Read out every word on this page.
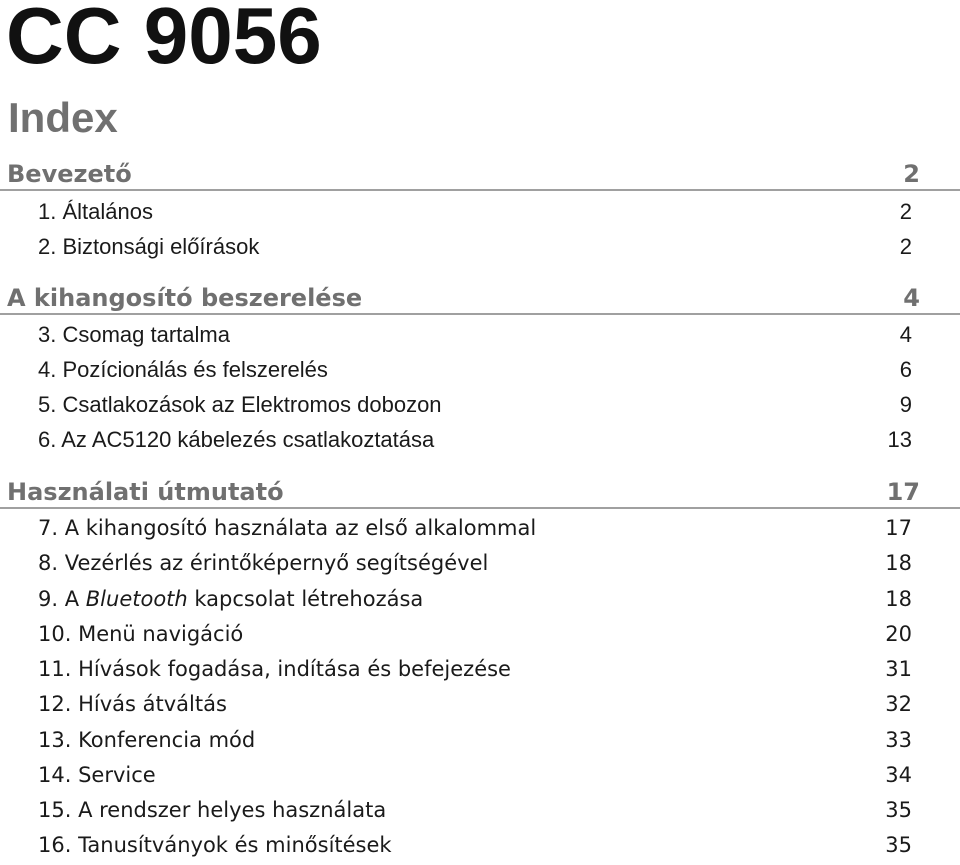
CC 9056
Index
Bevezető	2
1. Általános	2
2. Biztonsági előírások	2
A kihangosító beszerelése	4
3. Csomag tartalma	4
4. Pozícionálás és felszerelés	6
5. Csatlakozások az Elektromos dobozon	9
6. Az AC5120 kábelezés csatlakoztatása	13
Használati útmutató	17
7. A kihangosító használata az első alkalommal	17
8. Vezérlés az érintőképernyő segítségével	18
9. A Bluetooth kapcsolat létrehozása	18
10. Menü navigáció	20
11. Hívások fogadása, indítása és befejezése	31
12. Hívás átváltás	32
13. Konferencia mód	33
14. Service	34
15. A rendszer helyes használata	35
16. Tanusítványok és minősítések	35
